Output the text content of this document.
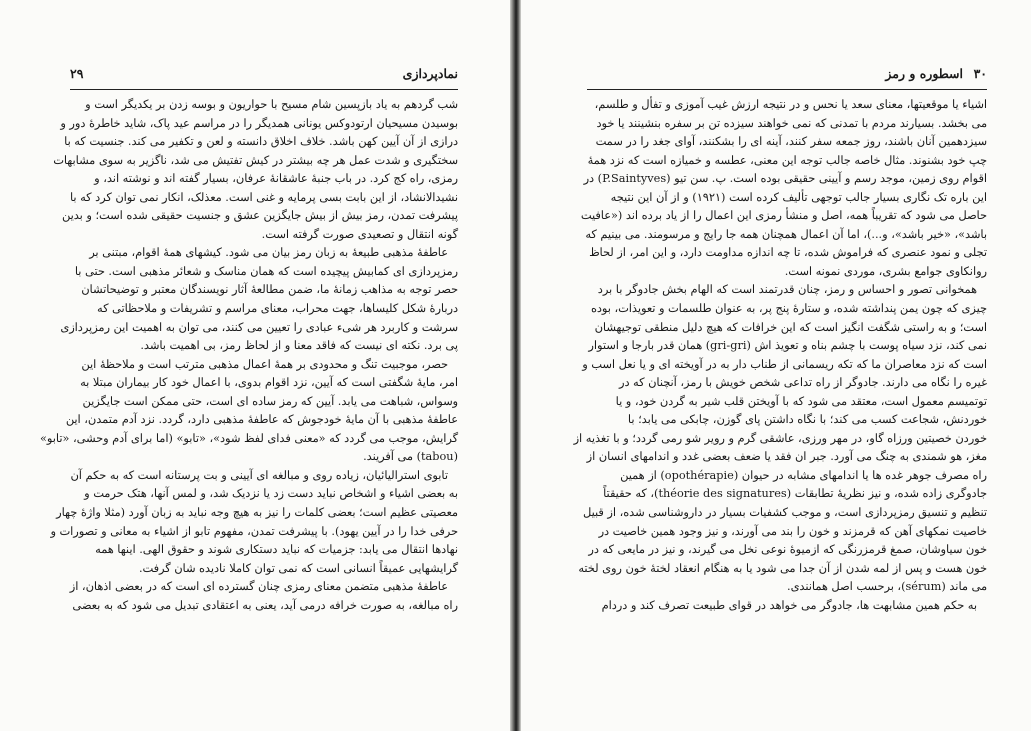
نمادپردازی
۲۹
شب گردهم به یاد بازپسین شام مسیح با حواریون و بوسه زدن بر یکدیگر است و
بوسیدن مسیحیان ارتودوکس یونانی همدیگر را در مراسم عید پاک، شاید خاطرهٔ دور و
درازی از آن آیین کهن باشد. خلاف اخلاق دانسته و لعن و تکفیر می کند. جنسیت که با
سختگیری و شدت عمل هر چه بیشتر در کیش تفتیش می شد، ناگزیر به سوی مشابهات
رمزی، راه کج کرد. در باب جنبهٔ عاشقانهٔ عرفان، بسیار گفته اند و نوشته اند، و
نشیدالانشاد، از این بابت بسی پرمایه و غنی است. معذلک، انکار نمی توان کرد که با
پیشرفت تمدن، رمز بیش از بیش جایگزین عشق و جنسیت حقیقی شده است؛ و بدین
گونه انتقال و تصعیدی صورت گرفته است.
عاطفهٔ مذهبی طبیعهٔ به زبان رمز بیان می شود. کیشهای همهٔ اقوام، مبتنی بر
رمزپردازی ای کمابیش پیچیده است که همان مناسک و شعائر مذهبی است. حتی با
حصر توجه به مذاهب زمانهٔ ما، ضمن مطالعهٔ آثار نویسندگان معتبر و توضیحاتشان
دربارهٔ شکل کلیساها، جهت محراب، معنای مراسم و تشریفات و ملاحظاتی که
سرشت و کاربرد هر شیء عبادی را تعیین می کنند، می توان به اهمیت این رمزپردازی
پی برد. نکته ای نیست که فاقد معنا و از لحاظ رمز، بی اهمیت باشد.
حصر، موجبیت تنگ و محدودی بر همهٔ اعمال مذهبی مترتب است و ملاحظهٔ این
امر، مایهٔ شگفتی است که آیین، نزد اقوام بدوی، با اعمال خود کار بیماران مبتلا به
وسواس، شباهت می یابد. آیین که رمز ساده ای است، حتی ممکن است جایگزین
عاطفهٔ مذهبی با آن مایهٔ خودجوش که عاطفهٔ مذهبی دارد، گردد. نزد آدم متمدن، این
گرایش، موجب می گردد که «معنی فدای لفظ شود»، «تابو» (اما برای آدم وحشی، «تابو»
(tabou) می آفریند.
تابوی استرالیائیان، زیاده روی و مبالغه ای آیینی و بت پرستانه است که به حکم آن
به بعضی اشیاء و اشخاص نباید دست زد یا نزدیک شد، و لمس آنها، هتک حرمت و
معصیتی عظیم است؛ بعضی کلمات را نیز به هیچ وجه نباید به زبان آورد (مثلا واژهٔ چهار
حرفی خدا را در آیین یهود). با پیشرفت تمدن، مفهوم تابو از اشیاء به معانی و تصورات و
نهادها انتقال می یابد: جزمیات که نباید دستکاری شوند و حقوق الهی. اینها همه
گرایشهایی عمیقاً انسانی است که نمی توان کاملا نادیده شان گرفت.
عاطفهٔ مذهبی متضمن معنای رمزی چنان گسترده ای است که در بعضی اذهان، از
راه مبالغه، به صورت خرافه درمی آید، یعنی به اعتقادی تبدیل می شود که به بعضی
۳۰
اسطوره و رمز
اشیاء یا موقعیتها، معنای سعد یا نحس و در نتیجه ارزش غیب آموزی و تفأل و طلسم،
می بخشد. بسیارند مردم با تمدنی که نمی خواهند سیزده تن بر سفره بنشینند یا خود
سیزدهمین آنان باشند، روز جمعه سفر کنند، آینه ای را بشکنند، آوای جغد را در سمت
چپ خود بشنوند. مثال خاصه جالب توجه این معنی، عطسه و خمیازه است که نزد همهٔ
اقوام روی زمین، موجد رسم و آیینی حقیقی بوده است. پ. سن تیو (P.Saintyves) در
این باره تک نگاری بسیار جالب توجهی تألیف کرده است (۱۹۲۱) و از آن این نتیجه
حاصل می شود که تقریباً همه، اصل و منشأ رمزی این اعمال را از یاد برده اند («عافیت
باشد»، «خیر باشد»، و...)، اما آن اعمال همچنان همه جا رایج و مرسومند. می بینیم که
تجلی و نمود عنصری که فراموش شده، تا چه اندازه مداومت دارد، و این امر، از لحاظ
روانکاوی جوامع بشری، موردی نمونه است.
همخوانی تصور و احساس و رمز، چنان قدرتمند است که الهام بخش جادوگر با برد
چیزی که چون یمن پنداشته شده، و ستارهٔ پنج پر، به عنوان طلسمات و تعویذات، بوده
است؛ و به راستی شگفت انگیز است که این خرافات که هیچ دلیل منطقی توجیهشان
نمی کند، نزد سیاه پوست با چشم بناه و تعویذ اش (gri-gri) همان قدر بارجا و استوار
است که نزد معاصران ما که تکه ریسمانی از طناب دار به در آویخته ای و یا نعل اسب و
غیره را نگاه می دارند. جادوگر از راه تداعی شخص خویش با رمز، آنچنان که در
توتمیسم معمول است، معتقد می شود که با آویختن قلب شیر به گردن خود، و یا
خوردنش، شجاعت کسب می کند؛ با نگاه داشتن پای گوزن، چابکی می یابد؛ با
خوردن خصیتین ورزاه گاو، در مهر ورزی، عاشقی گرم و رویر شو رمی گردد؛ و با تغذیه از
مغز، هو شمندی به چنگ می آورد. جبر ان فقد یا ضعف بعضی غدد و اندامهای انسان از
راه مصرف جوهر غده ها یا اندامهای مشابه در حیوان (opothérapie) از همین
جادوگری زاده شده، و نیز نظریهٔ تطابقات (théorie des signatures)، که حقیقتاً
تنظیم و تنسیق رمزپردازی است، و موجب کشفیات بسیار در داروشناسی شده، از قبیل
خاصیت نمکهای آهن که قرمزند و خون را بند می آورند، و نیز وجود همین خاصیت در
خون سیاوشان، صمغ قرمزرنگی که ازمیوهٔ نوعی نخل می گیرند، و نیز در مایعی که در
خون هست و پس از لمه شدن از آن جدا می شود یا به هنگام انعقاد لختهٔ خون روی لخته
می ماند (sérum)، برحسب اصل همانندی.
به حکم همین مشابهت ها، جادوگر می خواهد در قوای طبیعت تصرف کند و دردام
